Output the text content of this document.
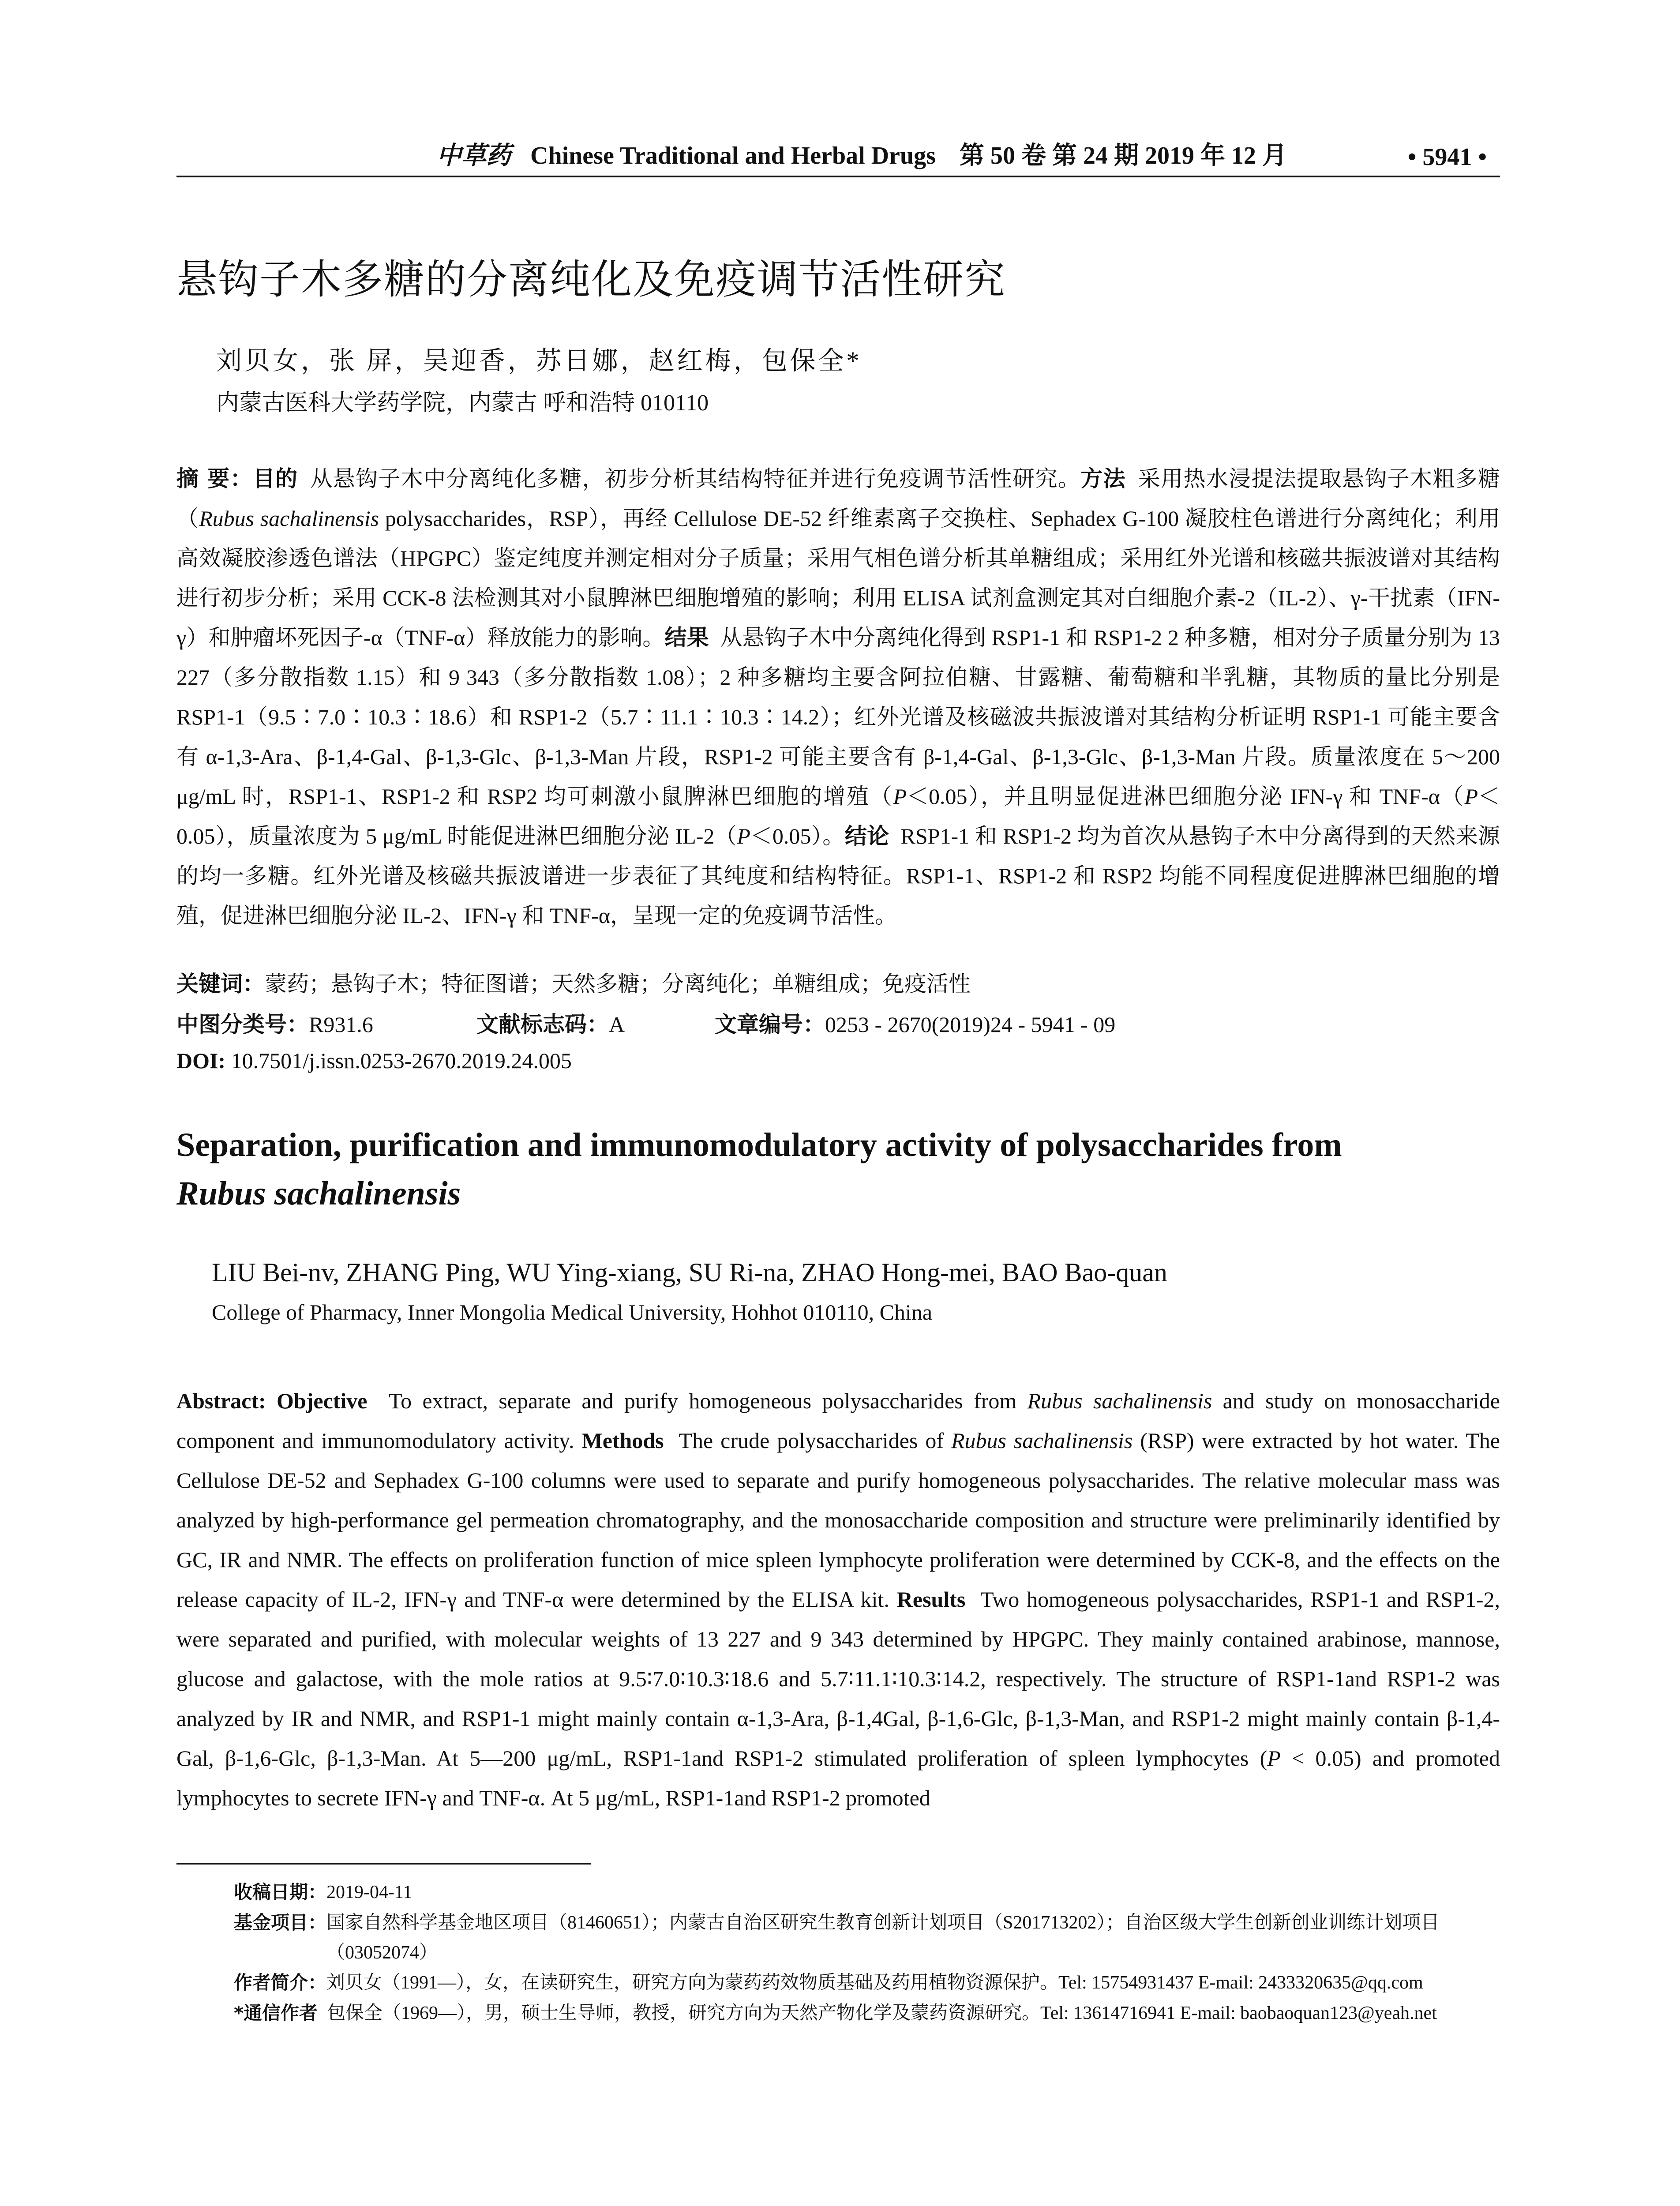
中草药 Chinese Traditional and Herbal Drugs 第 50 卷 第 24 期 2019 年 12 月	• 5941 •
悬钩子木多糖的分离纯化及免疫调节活性研究
刘贝女，张 屏，吴迎香，苏日娜，赵红梅，包保全*
内蒙古医科大学药学院，内蒙古 呼和浩特 010110
摘 要：目的 从悬钩子木中分离纯化多糖，初步分析其结构特征并进行免疫调节活性研究。方法 采用热水浸提法提取悬钩子木粗多糖（Rubus sachalinensis polysaccharides，RSP），再经 Cellulose DE-52 纤维素离子交换柱、Sephadex G-100 凝胶柱色谱进行分离纯化；利用高效凝胶渗透色谱法（HPGPC）鉴定纯度并测定相对分子质量；采用气相色谱分析其单糖组成；采用红外光谱和核磁共振波谱对其结构进行初步分析；采用 CCK-8 法检测其对小鼠脾淋巴细胞增殖的影响；利用 ELISA 试剂盒测定其对白细胞介素-2（IL-2）、γ-干扰素（IFN-γ）和肿瘤坏死因子-α（TNF-α）释放能力的影响。结果 从悬钩子木中分离纯化得到 RSP1-1 和 RSP1-2 2 种多糖，相对分子质量分别为 13 227（多分散指数 1.15）和 9 343（多分散指数 1.08）；2 种多糖均主要含阿拉伯糖、甘露糖、葡萄糖和半乳糖，其物质的量比分别是 RSP1-1（9.5∶7.0∶10.3∶18.6）和 RSP1-2（5.7∶11.1∶10.3∶14.2）；红外光谱及核磁波共振波谱对其结构分析证明 RSP1-1 可能主要含有 α-1,3-Ara、β-1,4-Gal、β-1,3-Glc、β-1,3-Man 片段，RSP1-2 可能主要含有 β-1,4-Gal、β-1,3-Glc、β-1,3-Man 片段。质量浓度在 5～200 μg/mL 时，RSP1-1、RSP1-2 和 RSP2 均可刺激小鼠脾淋巴细胞的增殖（P＜0.05），并且明显促进淋巴细胞分泌 IFN-γ 和 TNF-α（P＜0.05），质量浓度为 5 μg/mL 时能促进淋巴细胞分泌 IL-2（P＜0.05）。结论 RSP1-1 和 RSP1-2 均为首次从悬钩子木中分离得到的天然来源的均一多糖。红外光谱及核磁共振波谱进一步表征了其纯度和结构特征。RSP1-1、RSP1-2 和 RSP2 均能不同程度促进脾淋巴细胞的增殖，促进淋巴细胞分泌 IL-2、IFN-γ 和 TNF-α，呈现一定的免疫调节活性。
关键词：蒙药；悬钩子木；特征图谱；天然多糖；分离纯化；单糖组成；免疫活性
中图分类号：R931.6	文献标志码：A	文章编号：0253 - 2670(2019)24 - 5941 - 09
DOI: 10.7501/j.issn.0253-2670.2019.24.005
Separation, purification and immunomodulatory activity of polysaccharides from
Rubus sachalinensis
LIU Bei-nv, ZHANG Ping, WU Ying-xiang, SU Ri-na, ZHAO Hong-mei, BAO Bao-quan
College of Pharmacy, Inner Mongolia Medical University, Hohhot 010110, China
Abstract: Objective To extract, separate and purify homogeneous polysaccharides from Rubus sachalinensis and study on monosaccharide component and immunomodulatory activity. Methods The crude polysaccharides of Rubus sachalinensis (RSP) were extracted by hot water. The Cellulose DE-52 and Sephadex G-100 columns were used to separate and purify homogeneous polysaccharides. The relative molecular mass was analyzed by high-performance gel permeation chromatography, and the monosaccharide composition and structure were preliminarily identified by GC, IR and NMR. The effects on proliferation function of mice spleen lymphocyte proliferation were determined by CCK-8, and the effects on the release capacity of IL-2, IFN-γ and TNF-α were determined by the ELISA kit. Results Two homogeneous polysaccharides, RSP1-1 and RSP1-2, were separated and purified, with molecular weights of 13 227 and 9 343 determined by HPGPC. They mainly contained arabinose, mannose, glucose and galactose, with the mole ratios at 9.5∶7.0∶10.3∶18.6 and 5.7∶11.1∶10.3∶14.2, respectively. The structure of RSP1-1and RSP1-2 was analyzed by IR and NMR, and RSP1-1 might mainly contain α-1,3-Ara, β-1,4Gal, β-1,6-Glc, β-1,3-Man, and RSP1-2 might mainly contain β-1,4-Gal, β-1,6-Glc, β-1,3-Man. At 5—200 μg/mL, RSP1-1and RSP1-2 stimulated proliferation of spleen lymphocytes (P < 0.05) and promoted lymphocytes to secrete IFN-γ and TNF-α. At 5 μg/mL, RSP1-1and RSP1-2 promoted
收稿日期： 2019-04-11
基金项目： 国家自然科学基金地区项目（81460651）；内蒙古自治区研究生教育创新计划项目（S201713202）；自治区级大学生创新创业训练计划项目（03052074）
作者简介： 刘贝女（1991—），女，在读研究生，研究方向为蒙药药效物质基础及药用植物资源保护。Tel: 15754931437 E-mail: 2433320635@qq.com
*通信作者 包保全（1969—），男，硕士生导师，教授，研究方向为天然产物化学及蒙药资源研究。Tel: 13614716941 E-mail: baobaoquan123@yeah.net
